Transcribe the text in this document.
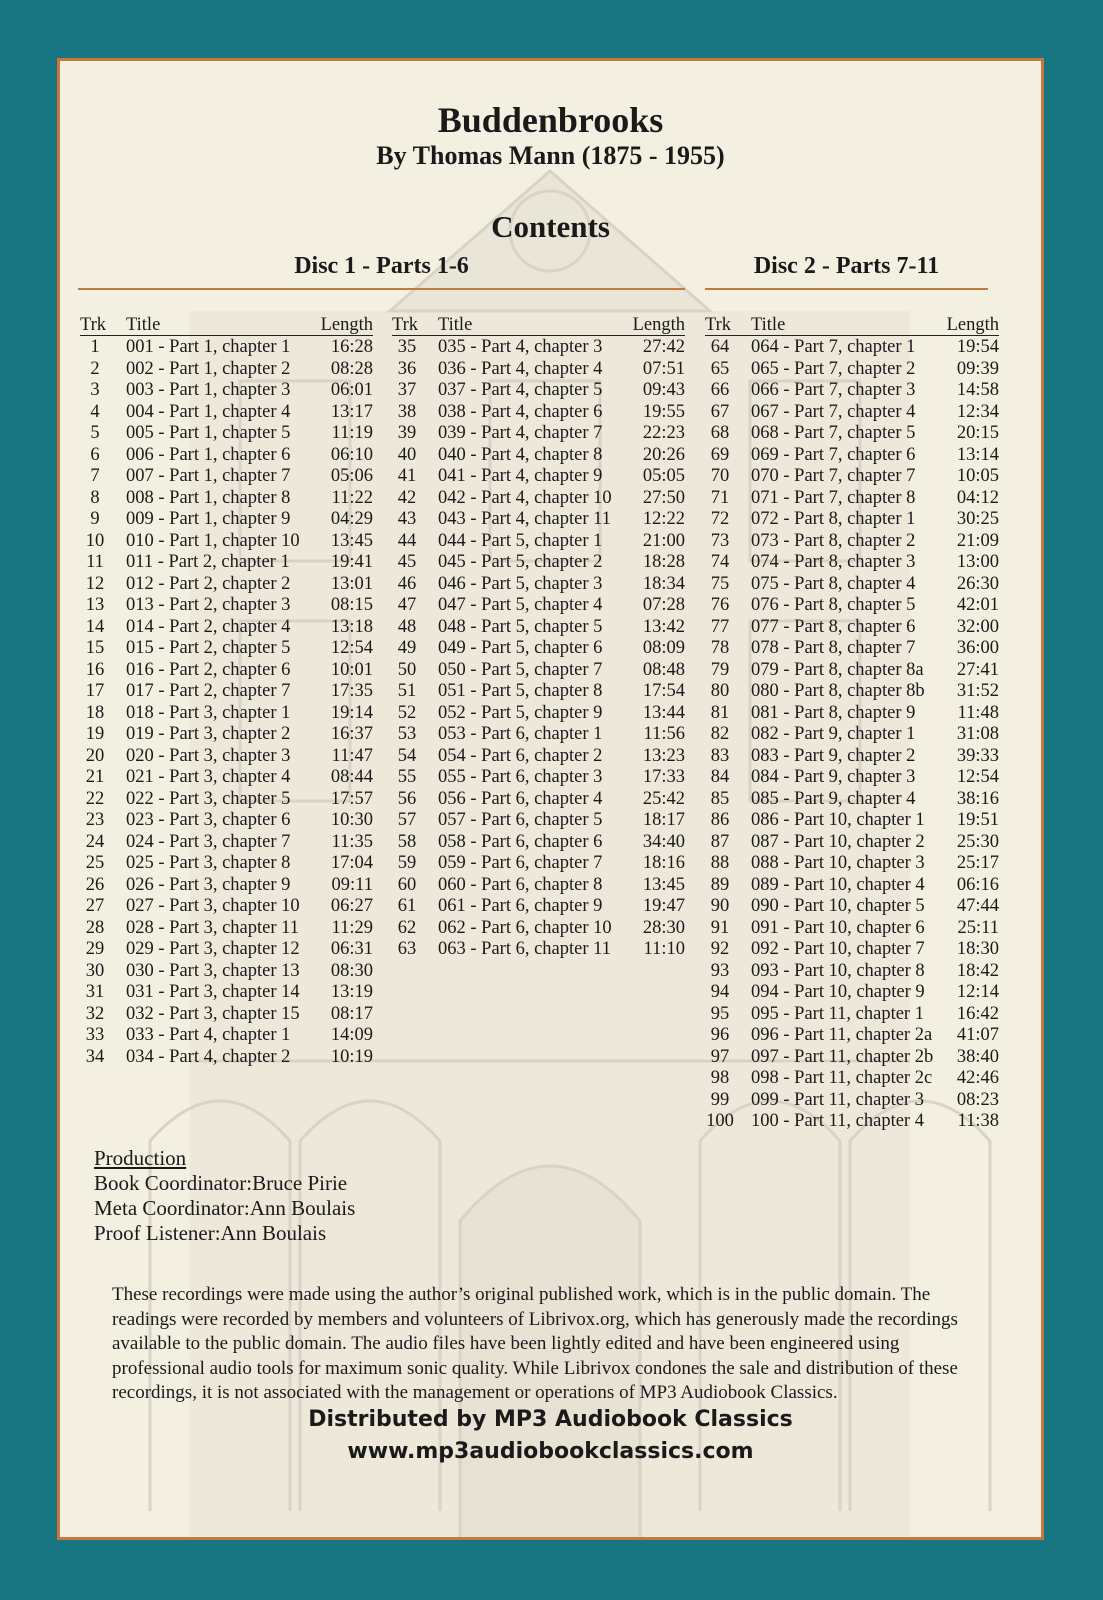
Buddenbrooks
By Thomas Mann (1875 - 1955)
Contents
Disc 1 - Parts 1-6	Disc 2 - Parts 7-11
Trk Title	Length
1	001 - Part 1, chapter 1 16:28
2	002 - Part 1, chapter 2 08:28
3	003 - Part 1, chapter 3 06:01
4	004 - Part 1, chapter 4 13:17
5	005 - Part 1, chapter 5 11:19
6	006 - Part 1, chapter 6 06:10
7	007 - Part 1, chapter 7 05:06
8	008 - Part 1, chapter 8 11:22
9	009 - Part 1, chapter 9 04:29
10	010 - Part 1, chapter 10 13:45
11	011 - Part 2, chapter 1 19:41
12	012 - Part 2, chapter 2 13:01
13	013 - Part 2, chapter 3 08:15
14	014 - Part 2, chapter 4 13:18
15	015 - Part 2, chapter 5 12:54
16	016 - Part 2, chapter 6 10:01
17	017 - Part 2, chapter 7 17:35
18	018 - Part 3, chapter 1 19:14
19	019 - Part 3, chapter 2 16:37
20	020 - Part 3, chapter 3 11:47
21	021 - Part 3, chapter 4 08:44
22	022 - Part 3, chapter 5 17:57
23	023 - Part 3, chapter 6 10:30
24	024 - Part 3, chapter 7 11:35
25	025 - Part 3, chapter 8 17:04
26	026 - Part 3, chapter 9 09:11
27	027 - Part 3, chapter 10 06:27
28	028 - Part 3, chapter 11 11:29
29	029 - Part 3, chapter 12 06:31
30	030 - Part 3, chapter 13 08:30
31	031 - Part 3, chapter 14 13:19
32	032 - Part 3, chapter 15 08:17
33	033 - Part 4, chapter 1 14:09
34	034 - Part 4, chapter 2 10:19
Trk Title	Length
35	035 - Part 4, chapter 3 27:42
36	036 - Part 4, chapter 4 07:51
37	037 - Part 4, chapter 5 09:43
38	038 - Part 4, chapter 6 19:55
39	039 - Part 4, chapter 7 22:23
40	040 - Part 4, chapter 8 20:26
41	041 - Part 4, chapter 9 05:05
42	042 - Part 4, chapter 10 27:50
43	043 - Part 4, chapter 11 12:22
44	044 - Part 5, chapter 1 21:00
45	045 - Part 5, chapter 2 18:28
46	046 - Part 5, chapter 3 18:34
47	047 - Part 5, chapter 4 07:28
48	048 - Part 5, chapter 5 13:42
49	049 - Part 5, chapter 6 08:09
50	050 - Part 5, chapter 7 08:48
51	051 - Part 5, chapter 8 17:54
52	052 - Part 5, chapter 9 13:44
53	053 - Part 6, chapter 1 11:56
54	054 - Part 6, chapter 2 13:23
55	055 - Part 6, chapter 3 17:33
56	056 - Part 6, chapter 4 25:42
57	057 - Part 6, chapter 5 18:17
58	058 - Part 6, chapter 6 34:40
59	059 - Part 6, chapter 7 18:16
60	060 - Part 6, chapter 8 13:45
61	061 - Part 6, chapter 9 19:47
62	062 - Part 6, chapter 10 28:30
63	063 - Part 6, chapter 11 11:10
Trk Title	Length
64	064 - Part 7, chapter 1 19:54
65	065 - Part 7, chapter 2 09:39
66	066 - Part 7, chapter 3 14:58
67	067 - Part 7, chapter 4 12:34
68	068 - Part 7, chapter 5 20:15
69	069 - Part 7, chapter 6 13:14
70	070 - Part 7, chapter 7 10:05
71	071 - Part 7, chapter 8 04:12
72	072 - Part 8, chapter 1 30:25
73	073 - Part 8, chapter 2 21:09
74	074 - Part 8, chapter 3 13:00
75	075 - Part 8, chapter 4 26:30
76	076 - Part 8, chapter 5 42:01
77	077 - Part 8, chapter 6 32:00
78	078 - Part 8, chapter 7 36:00
79	079 - Part 8, chapter 8a 27:41
80	080 - Part 8, chapter 8b 31:52
81	081 - Part 8, chapter 9 11:48
82	082 - Part 9, chapter 1 31:08
83	083 - Part 9, chapter 2 39:33
84	084 - Part 9, chapter 3 12:54
85	085 - Part 9, chapter 4 38:16
86	086 - Part 10, chapter 1 19:51
87	087 - Part 10, chapter 2 25:30
88	088 - Part 10, chapter 3 25:17
89	089 - Part 10, chapter 4 06:16
90	090 - Part 10, chapter 5 47:44
91	091 - Part 10, chapter 6 25:11
92	092 - Part 10, chapter 7 18:30
93	093 - Part 10, chapter 8 18:42
94	094 - Part 10, chapter 9 12:14
95	095 - Part 11, chapter 1 16:42
96	096 - Part 11, chapter 2a 41:07
97	097 - Part 11, chapter 2b 38:40
98	098 - Part 11, chapter 2c 42:46
99	099 - Part 11, chapter 3 08:23
100 100 - Part 11, chapter 4 11:38
Production
Book Coordinator:Bruce Pirie
Meta Coordinator:Ann Boulais
Proof Listener:Ann Boulais
These recordings were made using the author’s original published work, which is in the public domain. The readings were recorded by members and volunteers of Librivox.org, which has generously made the recordings available to the public domain. The audio files have been lightly edited and have been engineered using professional audio tools for maximum sonic quality. While Librivox condones the sale and distribution of these recordings, it is not associated with the management or operations of MP3 Audiobook Classics.
Distributed by MP3 Audiobook Classics
www.mp3audiobookclassics.com
